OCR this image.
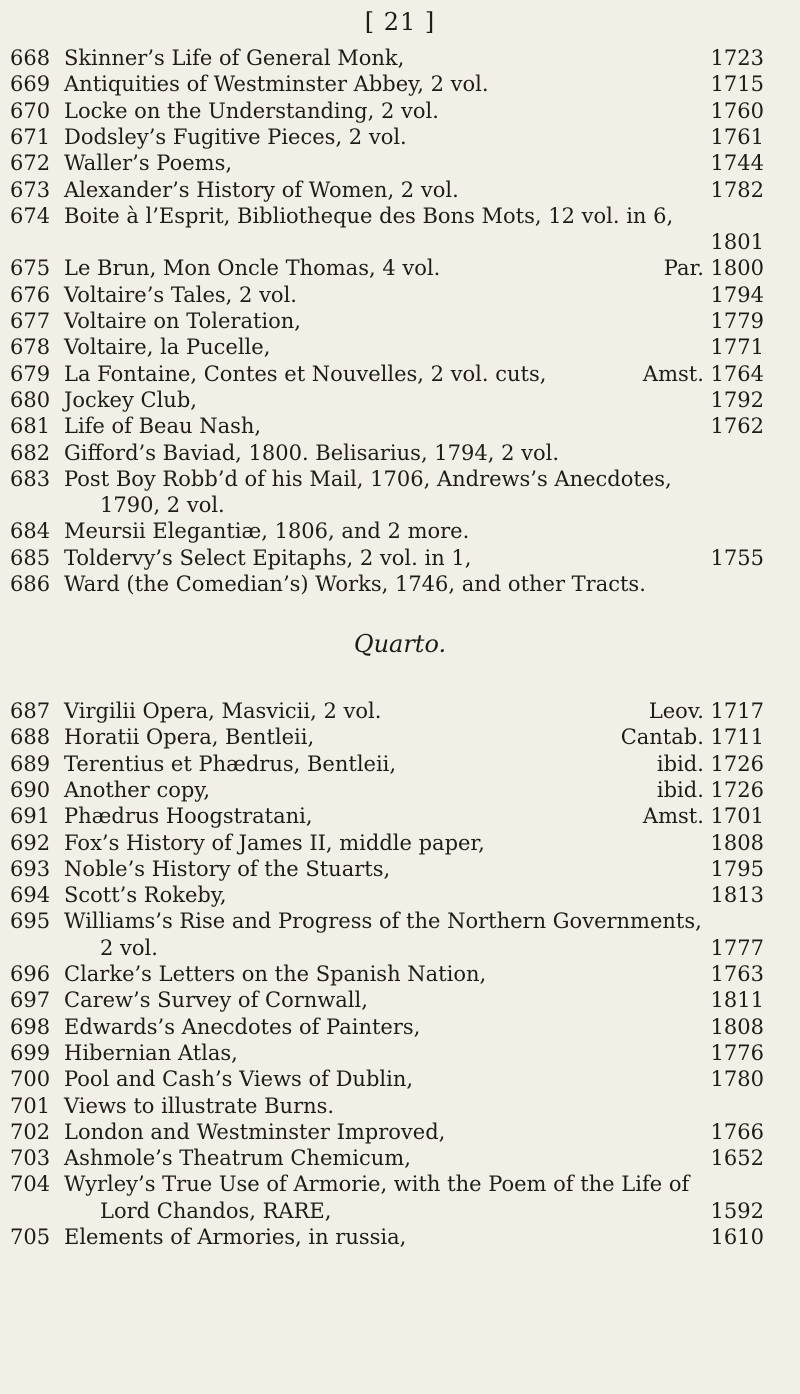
[ 21 ]
668 Skinner’s Life of General Monk,	1723
669 Antiquities of Westminster Abbey, 2 vol.	1715
670 Locke on the Understanding, 2 vol.	1760
671 Dodsley’s Fugitive Pieces, 2 vol.	1761
672 Waller’s Poems,	1744
673 Alexander’s History of Women, 2 vol.	1782
674 Boite à l’Esprit, Bibliotheque des Bons Mots, 12 vol. in 6,
1801
675 Le Brun, Mon Oncle Thomas, 4 vol.	Par. 1800
676 Voltaire’s Tales, 2 vol.	1794
677 Voltaire on Toleration,	1779
678 Voltaire, la Pucelle,	1771
679 La Fontaine, Contes et Nouvelles, 2 vol. cuts,	Amst. 1764
680 Jockey Club,	1792
681 Life of Beau Nash,	1762
682 Gifford’s Baviad, 1800. Belisarius, 1794, 2 vol.
683 Post Boy Robb’d of his Mail, 1706, Andrews’s Anecdotes,
1790, 2 vol.
684 Meursii Elegantiæ, 1806, and 2 more.
685 Toldervy’s Select Epitaphs, 2 vol. in 1,	1755
686 Ward (the Comedian’s) Works, 1746, and other Tracts.
Quarto.
687 Virgilii Opera, Masvicii, 2 vol.	Leov. 1717
688 Horatii Opera, Bentleii,	Cantab. 1711
689 Terentius et Phædrus, Bentleii,	ibid. 1726
690 Another copy,	ibid. 1726
691 Phædrus Hoogstratani,	Amst. 1701
692 Fox’s History of James II, middle paper,	1808
693 Noble’s History of the Stuarts,	1795
694 Scott’s Rokeby,	1813
695 Williams’s Rise and Progress of the Northern Governments,
2 vol.	1777
696 Clarke’s Letters on the Spanish Nation,	1763
697 Carew’s Survey of Cornwall,	1811
698 Edwards’s Anecdotes of Painters,	1808
699 Hibernian Atlas,	1776
700 Pool and Cash’s Views of Dublin,	1780
701 Views to illustrate Burns.
702 London and Westminster Improved,	1766
703 Ashmole’s Theatrum Chemicum,	1652
704 Wyrley’s True Use of Armorie, with the Poem of the Life of
Lord Chandos, RARE,	1592
705 Elements of Armories, in russia,	1610
